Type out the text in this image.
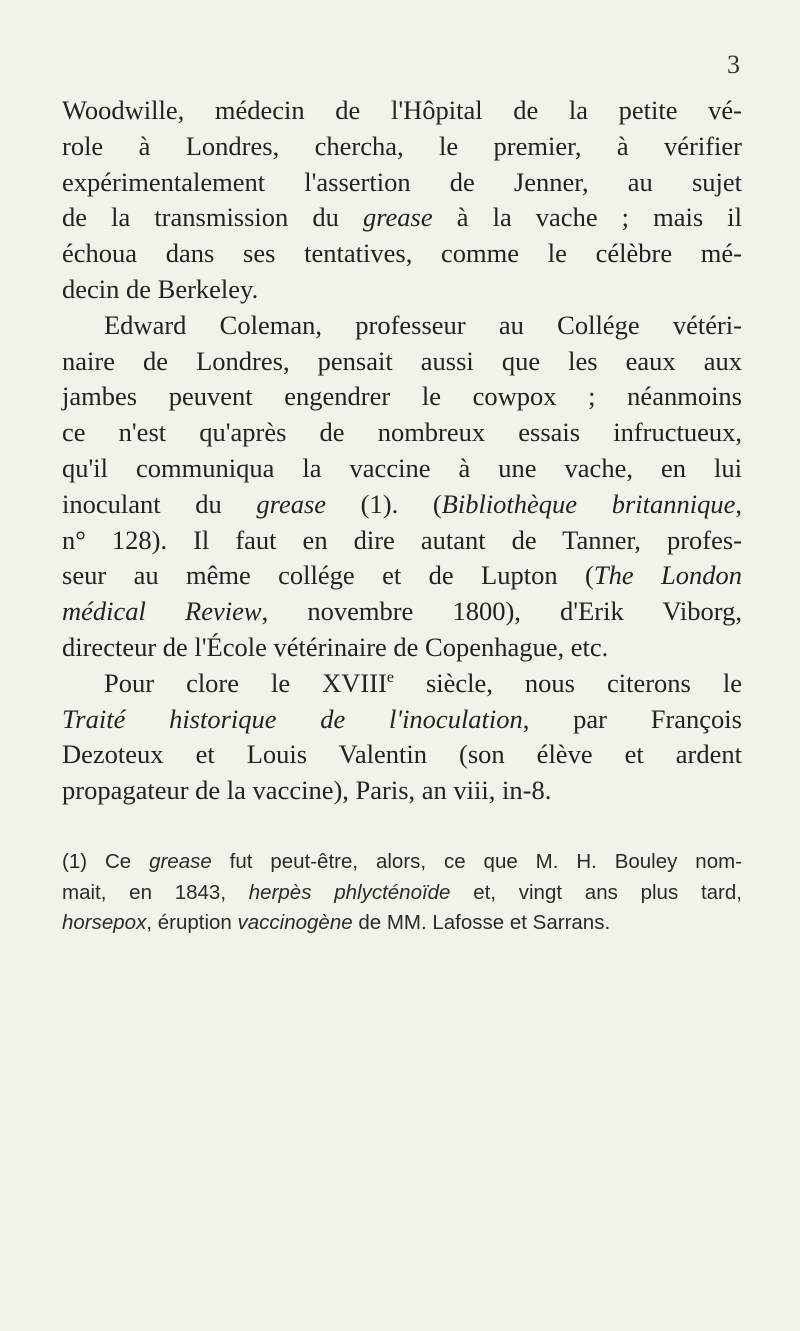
3

Woodwille, médecin de l'Hôpital de la petite vé-
role à Londres, chercha, le premier, à vérifier
expérimentalement l'assertion de Jenner, au sujet
de la transmission du grease à la vache ; mais il
échoua dans ses tentatives, comme le célèbre mé-
decin de Berkeley.

Edward Coleman, professeur au Collége vétéri-
naire de Londres, pensait aussi que les eaux aux
jambes peuvent engendrer le cowpox ; néanmoins
ce n'est qu'après de nombreux essais infructueux,
qu'il communiqua la vaccine à une vache, en lui
inoculant du grease (1). (Bibliothèque britannique,
n° 128). Il faut en dire autant de Tanner, profes-
seur au même collége et de Lupton (The London
médical Review, novembre 1800), d'Erik Viborg,
directeur de l'École vétérinaire de Copenhague, etc.

Pour clore le XVIIIe siècle, nous citerons le
Traité historique de l'inoculation, par François
Dezoteux et Louis Valentin (son élève et ardent
propagateur de la vaccine), Paris, an viii, in-8.

(1) Ce grease fut peut-être, alors, ce que M. H. Bouley nom-
mait, en 1843, herpès phlycténoïde et, vingt ans plus tard,
horsepox, éruption vaccinogène de MM. Lafosse et Sarrans.
